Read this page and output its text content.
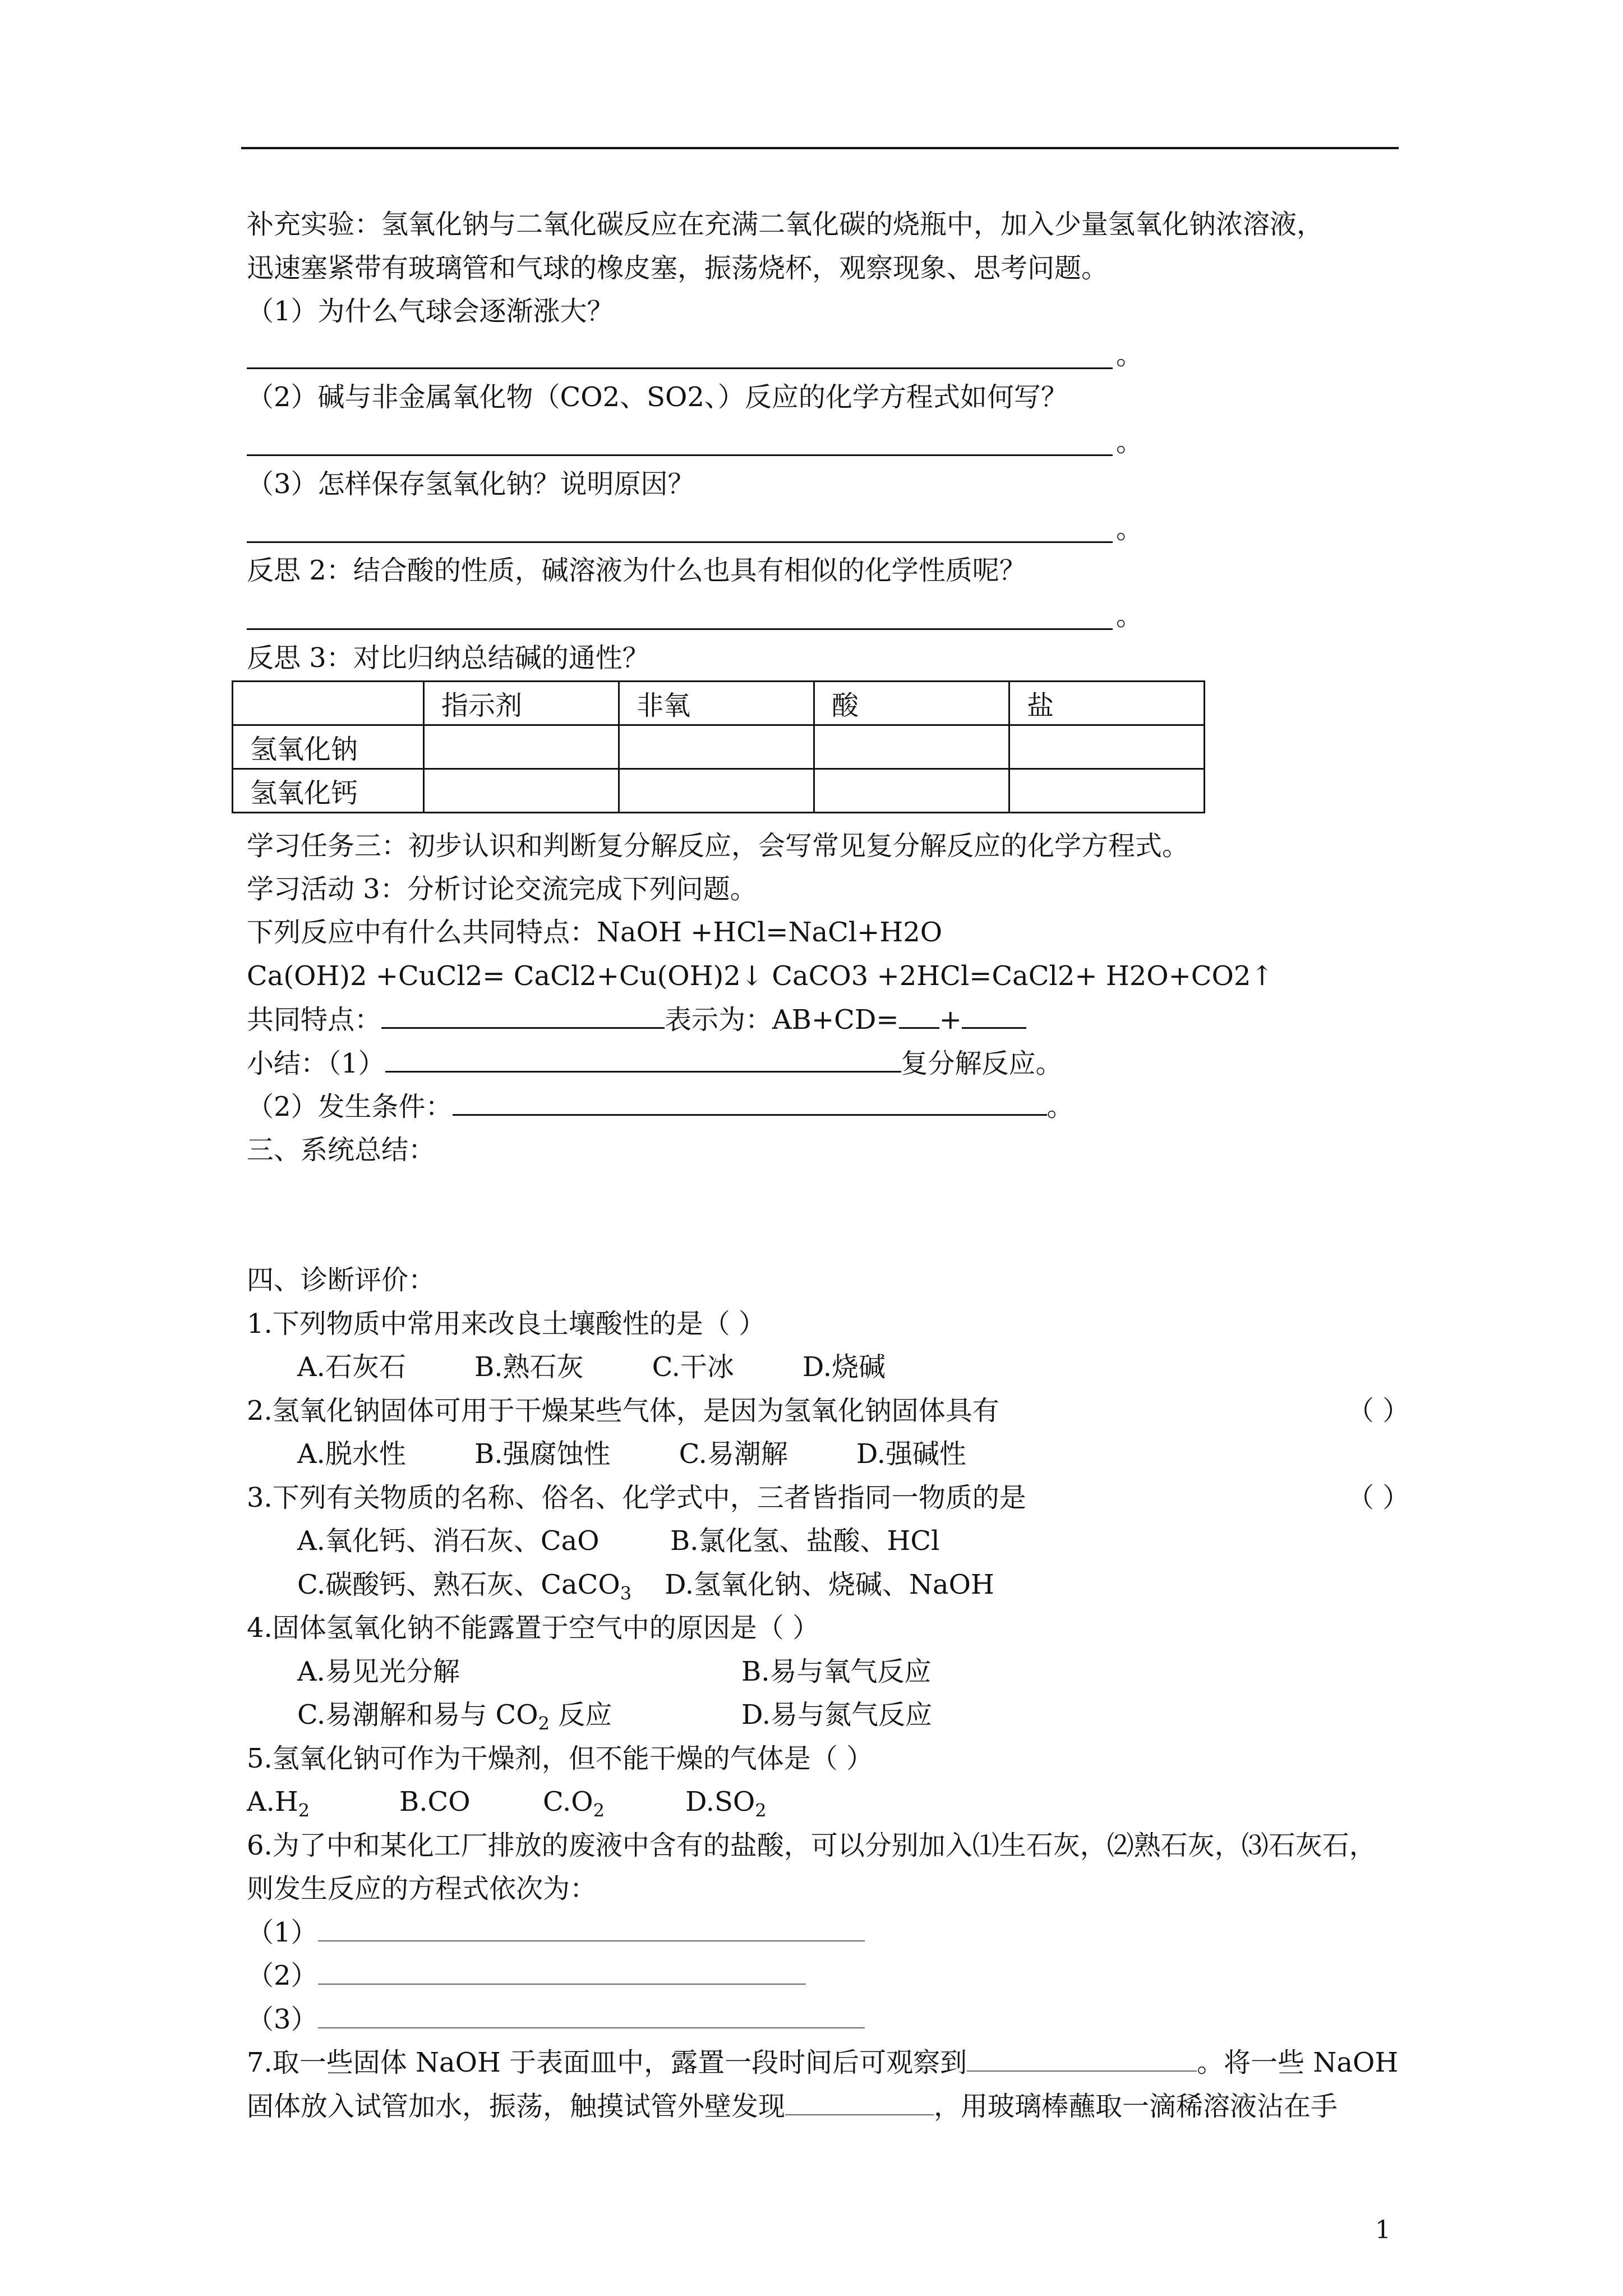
补充实验：氢氧化钠与二氧化碳反应在充满二氧化碳的烧瓶中，加入少量氢氧化钠浓溶液，
迅速塞紧带有玻璃管和气球的橡皮塞，振荡烧杯，观察现象、思考问题。
（1）为什么气球会逐渐涨大？
。
（2）碱与非金属氧化物（CO2、SO2、）反应的化学方程式如何写？
。
（3）怎样保存氢氧化钠？说明原因？
。
反思 2：结合酸的性质，碱溶液为什么也具有相似的化学性质呢？
。
反思 3：对比归纳总结碱的通性？
	指示剂	非氧	酸	盐
氢氧化钠				
氢氧化钙				
学习任务三：初步认识和判断复分解反应，会写常见复分解反应的化学方程式。
学习活动 3：分析讨论交流完成下列问题。
下列反应中有什么共同特点：NaOH +HCl=NaCl+H2O
Ca(OH)2 +CuCl2= CaCl2+Cu(OH)2↓ CaCO3 +2HCl=CaCl2+ H2O+CO2↑
共同特点：	表示为：AB+CD= +
小结：（1）	复分解反应。
（2）发生条件：	。
三、系统总结：
四、诊断评价：
1.下列物质中常用来改良土壤酸性的是（ ）
A.石灰石        B.熟石灰        C.干冰        D.烧碱
2.氢氧化钠固体可用于干燥某些气体，是因为氢氧化钠固体具有	（ ）
A.脱水性        B.强腐蚀性        C.易潮解        D.强碱性
3.下列有关物质的名称、俗名、化学式中，三者皆指同一物质的是	（ ）
A.氧化钙、消石灰、CaO	B.氯化氢、盐酸、HCl
C.碳酸钙、熟石灰、CaCO$_3$ D.氢氧化钠、烧碱、NaOH
4.固体氢氧化钠不能露置于空气中的原因是（ ）
A.易见光分解	B.易与氧气反应
C.易潮解和易与 $CO_2$ 反应	D.易与氮气反应
5.氢氧化钠可作为干燥剂，但不能干燥的气体是（ ）
$A.H_2$	B.CO	$C.O_2$	$D.SO_2$
6.为了中和某化工厂排放的废液中含有的盐酸，可以分别加入⑴生石灰，⑵熟石灰，⑶石灰石，
则发生反应的方程式依次为：
（1）
（2）
（3）
7.取一些固体 NaOH 于表面皿中，露置一段时间后可观察到	。将一些 NaOH
固体放入试管加水，振荡，触摸试管外壁发现	，用玻璃棒蘸取一滴稀溶液沾在手
1
